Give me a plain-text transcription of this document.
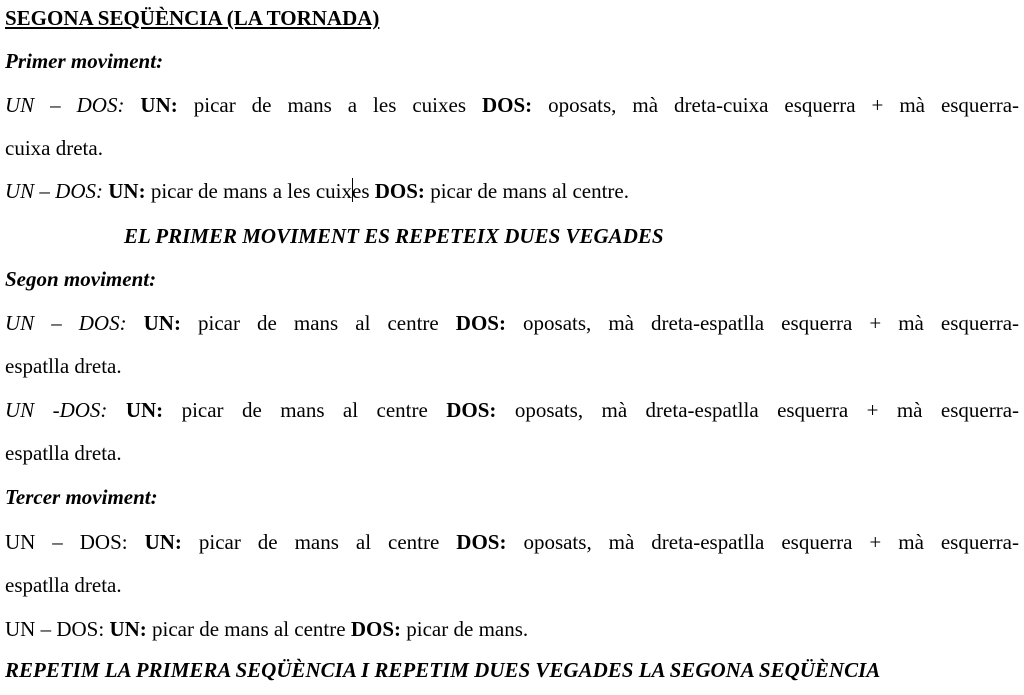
SEGONA SEQÜÈNCIA (LA TORNADA)
Primer moviment:
UN – DOS: UN: picar de mans a les cuixes DOS: oposats, mà dreta-cuixa esquerra + mà esquerra-
cuixa dreta.
UN – DOS: UN: picar de mans a les cuixes DOS: picar de mans al centre.
EL PRIMER MOVIMENT ES REPETEIX DUES VEGADES
Segon moviment:
UN – DOS: UN: picar de mans al centre DOS: oposats, mà dreta-espatlla esquerra + mà esquerra-
espatlla dreta.
UN -DOS: UN: picar de mans al centre DOS: oposats, mà dreta-espatlla esquerra + mà esquerra-
espatlla dreta.
Tercer moviment:
UN – DOS: UN: picar de mans al centre DOS: oposats, mà dreta-espatlla esquerra + mà esquerra-
espatlla dreta.
UN – DOS: UN: picar de mans al centre DOS: picar de mans.
REPETIM LA PRIMERA SEQÜÈNCIA I REPETIM DUES VEGADES LA SEGONA SEQÜÈNCIA
